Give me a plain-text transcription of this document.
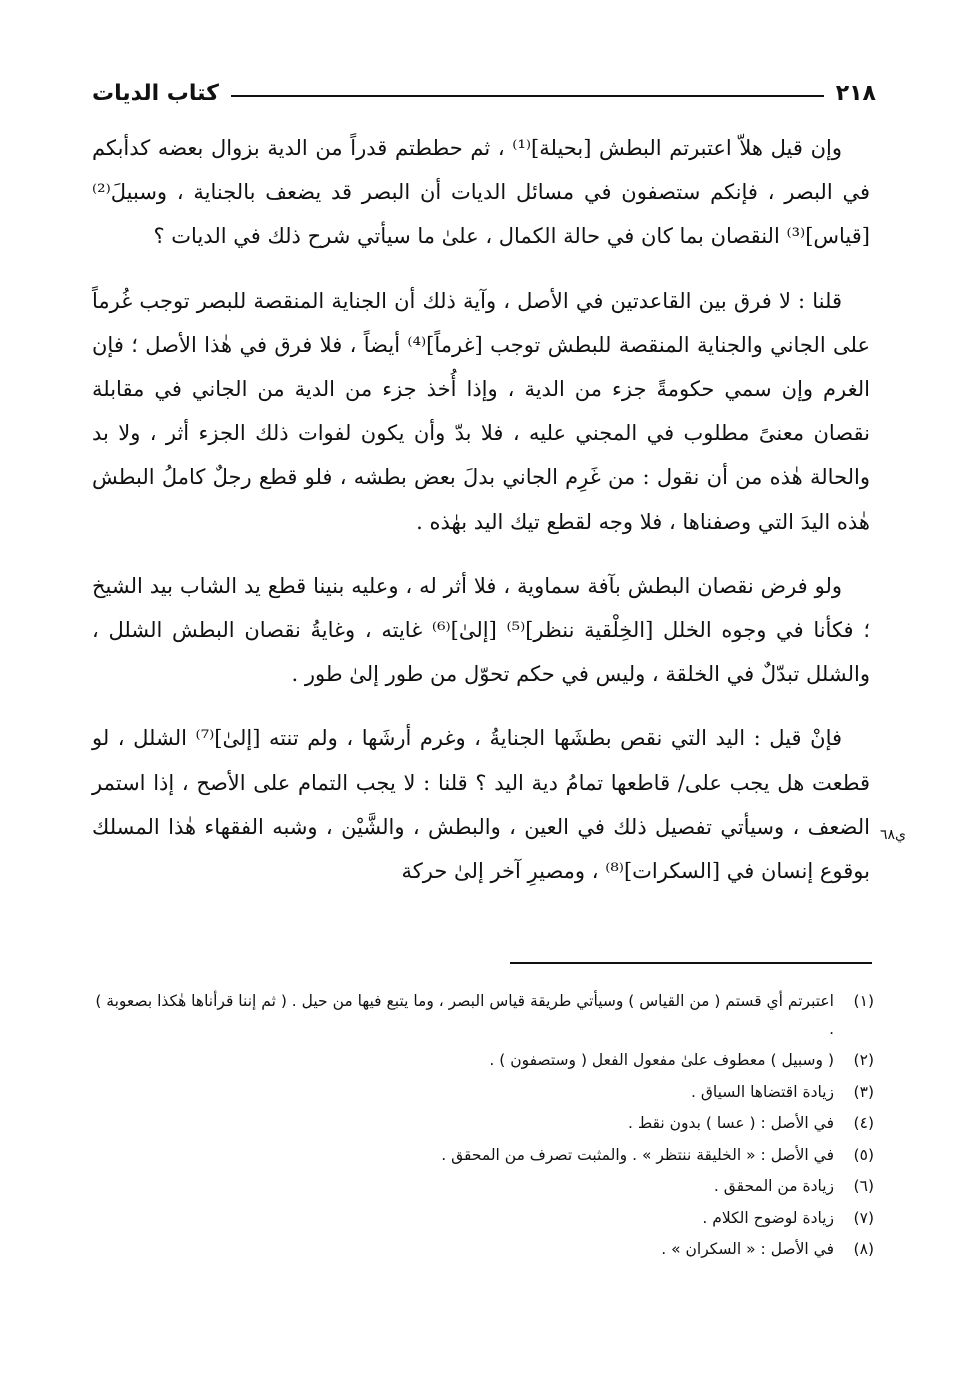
٢١٨
كتاب الديات

وإن قيل هلاّ اعتبرتم البطش [بحيلة]⁽¹⁾ ، ثم حططتم قدراً من الدية بزوال بعضه كدأبكم في البصر ، فإنكم ستصفون في مسائل الديات أن البصر قد يضعف بالجناية ، وسبيلَ⁽²⁾ [قياس]⁽³⁾ النقصان بما كان في حالة الكمال ، علىٰ ما سيأتي شرح ذلك في الديات ؟

قلنا : لا فرق بين القاعدتين في الأصل ، وآية ذلك أن الجناية المنقصة للبصر توجب غُرماً على الجاني والجناية المنقصة للبطش توجب [غرماً]⁽⁴⁾ أيضاً ، فلا فرق في هٰذا الأصل ؛ فإن الغرم وإن سمي حكومةً جزء من الدية ، وإذا أُخذ جزء من الدية من الجاني في مقابلة نقصان معنىً مطلوب في المجني عليه ، فلا بدّ وأن يكون لفوات ذلك الجزء أثر ، ولا بد والحالة هٰذه من أن نقول : من غَرِم الجاني بدلَ بعض بطشه ، فلو قطع رجلٌ كاملُ البطش هٰذه اليدَ التي وصفناها ، فلا وجه لقطع تيك اليد بهٰذه .

ولو فرض نقصان البطش بآفة سماوية ، فلا أثر له ، وعليه بنينا قطع يد الشاب بيد الشيخ ؛ فكأنا في وجوه الخلل [الخِلْقية ننظر]⁽⁵⁾ [إلىٰ]⁽⁶⁾ غايته ، وغايةُ نقصان البطش الشلل ، والشلل تبدّلٌ في الخلقة ، وليس في حكم تحوّل من طور إلىٰ طور .

فإنْ قيل : اليد التي نقص بطشَها الجنايةُ ، وغرم أرشَها ، ولم تنته [إلىٰ]⁽⁷⁾ الشلل ، لو قطعت هل يجب على/ قاطعها تمامُ دية اليد ؟ قلنا : لا يجب التمام على الأصح ، إذا استمر الضعف ، وسيأتي تفصيل ذلك في العين ، والبطش ، والشَّيْن ، وشبه الفقهاء هٰذا المسلك بوقوع إنسان في [السكرات]⁽⁸⁾ ، ومصيرِ آخر إلىٰ حركة

ي٦٨
(١)
اعتبرتم أي قستم ( من القياس ) وسيأتي طريقة قياس البصر ، وما يتبع فيها من حيل . ( ثم إننا قرأناها هٰكذا بصعوبة ) .
(٢)
( وسبيل ) معطوف علىٰ مفعول الفعل ( وستصفون ) .
(٣)
زيادة اقتضاها السياق .
(٤)
في الأصل : ( عسا ) بدون نقط .
(٥)
في الأصل : « الخليقة ننتظر » . والمثبت تصرف من المحقق .
(٦)
زيادة من المحقق .
(٧)
زيادة لوضوح الكلام .
(٨)
في الأصل : « السكران » .
